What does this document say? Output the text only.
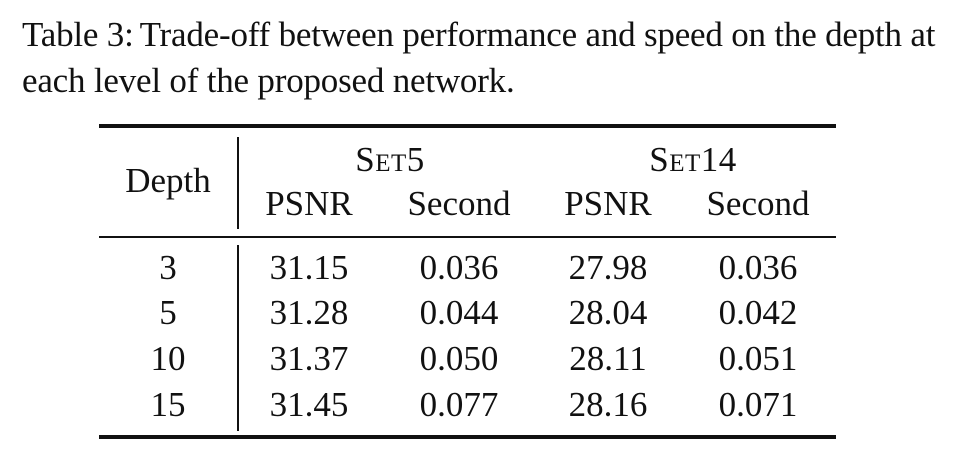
Table 3: Trade-off between performance and speed on the depth at each level of the proposed network.
Depth
Set5	Set14
PSNR	Second	PSNR	Second
3	31.15	0.036	27.98	0.036
5	31.28	0.044	28.04	0.042
10	31.37	0.050	28.11	0.051
15	31.45	0.077	28.16	0.071
